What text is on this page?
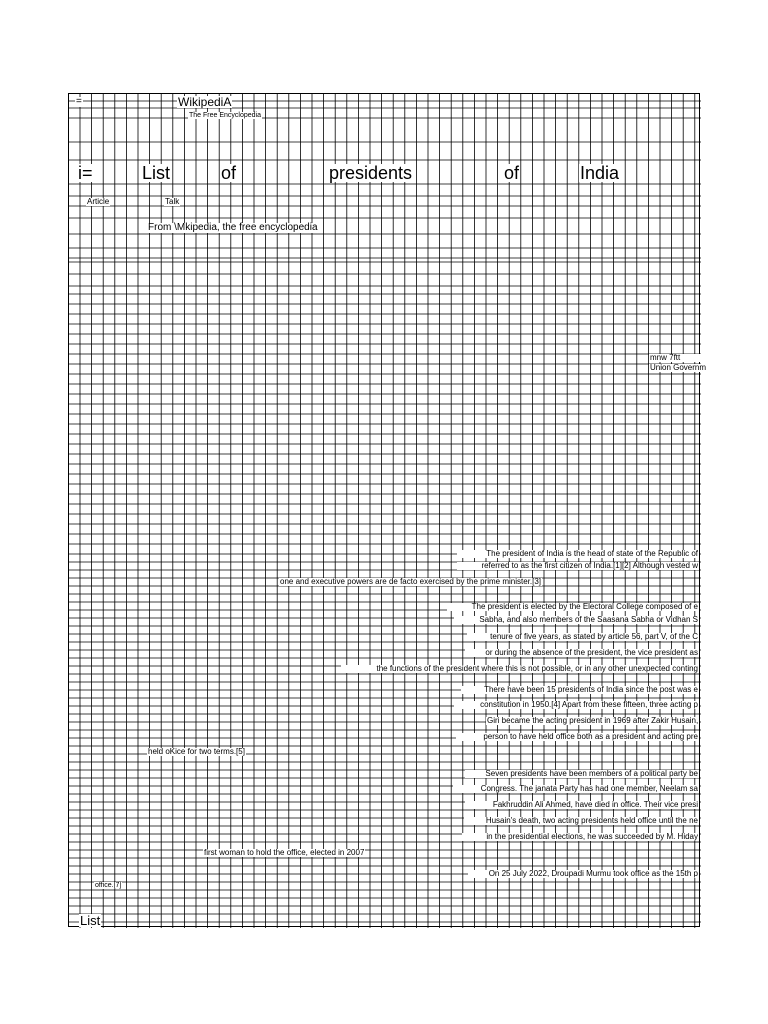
=	WikipediA
The Free Encyclopedia
i=	List	of	presidents	of	India
Article	Talk
From \Mkipedia, the free encyclopedia
mnw 7ftt
Union Governm
The president of India is the head of state of the Republic of
referred to as the first citizen of India.[1][2] Although vested w
one and executive powers are de facto exercised by the prime minister.[3]
The president is elected by the Electoral College composed of e
Sabha, and also members of the Saasana Sabha or Vidhan S
tenure of five years, as stated by article 56, part V, of the C
or during the absence of the president, the vice president as
the functions of the president where this is not possible, or in any other unexpected conting
There have been 15 presidents of India since the post was e
constitution in 1950.[4] Apart from these fifteen, three acting p
Giri became the acting president in 1969 after Zakir Husain,
person to have held office both as a president and acting pre
held oKice for two terms.[5]
Seven presidents have been members of a political party be
Congress. The janata Party has had one member, Neelam sa
Fakhruddin Ali Ahmed, have died in office. Their vice presi
Husain's death, two acting presidents held office until the ne
in the presidential elections, he was succeeded by M. Hiday
first woman to hold the office, elected in 2007
On 25 July 2022, Droupadi Murmu took office as the 15th p
office.[7]
List
